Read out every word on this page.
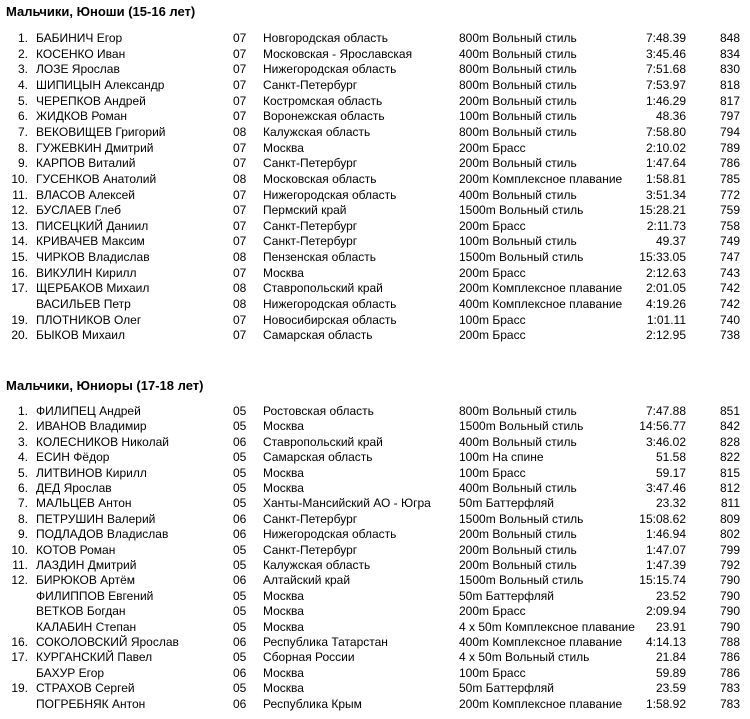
Мальчики, Юноши (15-16 лет)
1. БАБИНИЧ Егор	07 Новгородская область	800m Вольный стиль	7:48.39	848
2. КОСЕНКО Иван	07 Московская - Ярославская	400m Вольный стиль	3:45.46	834
3. ЛОЗЕ Ярослав	07 Нижегородская область	800m Вольный стиль	7:51.68	830
4. ШИПИЦЫН Александр	07 Санкт-Петербург	800m Вольный стиль	7:53.97	818
5. ЧЕРЕПКОВ Андрей	07 Костромская область	200m Вольный стиль	1:46.29	817
6. ЖИДКОВ Роман	07 Воронежская область	100m Вольный стиль	48.36	797
7. ВЕКОВИЩЕВ Григорий	08 Калужская область	800m Вольный стиль	7:58.80	794
8. ГУЖЕВКИН Дмитрий	07 Москва	200m Брасс	2:10.02	789
9. КАРПОВ Виталий	07 Санкт-Петербург	200m Вольный стиль	1:47.64	786
10. ГУСЕНКОВ Анатолий	08 Московская область	200m Комплексное плавание	1:58.81	785
11. ВЛАСОВ Алексей	07 Нижегородская область	400m Вольный стиль	3:51.34	772
12. БУСЛАЕВ Глеб	07 Пермский край	1500m Вольный стиль	15:28.21	759
13. ПИСЕЦКИЙ Даниил	07 Санкт-Петербург	200m Брасс	2:11.73	758
14. КРИВАЧЕВ Максим	07 Санкт-Петербург	100m Вольный стиль	49.37	749
15. ЧИРКОВ Владислав	08 Пензенская область	1500m Вольный стиль	15:33.05	747
16. ВИКУЛИН Кирилл	07 Москва	200m Брасс	2:12.63	743
17. ЩЕРБАКОВ Михаил	08 Ставропольский край	200m Комплексное плавание	2:01.05	742
ВАСИЛЬЕВ Петр	08 Нижегородская область	400m Комплексное плавание	4:19.26	742
19. ПЛОТНИКОВ Олег	07 Новосибирская область	100m Брасс	1:01.11	740
20. БЫКОВ Михаил	07 Самарская область	200m Брасс	2:12.95	738
Мальчики, Юниоры (17-18 лет)
1. ФИЛИПЕЦ Андрей	05 Ростовская область	800m Вольный стиль	7:47.88	851
2. ИВАНОВ Владимир	05 Москва	1500m Вольный стиль	14:56.77	842
3. КОЛЕСНИКОВ Николай	06 Ставропольский край	400m Вольный стиль	3:46.02	828
4. ЕСИН Фёдор	05 Самарская область	100m На спине	51.58	822
5. ЛИТВИНОВ Кирилл	05 Москва	100m Брасс	59.17	815
6. ДЕД Ярослав	05 Москва	400m Вольный стиль	3:47.46	812
7. МАЛЬЦЕВ Антон	05 Ханты-Мансийский АО - Югра 50m Баттерфляй	23.32	811
8. ПЕТРУШИН Валерий	06 Санкт-Петербург	1500m Вольный стиль	15:08.62	809
9. ПОДЛАДОВ Владислав	06 Нижегородская область	200m Вольный стиль	1:46.94	802
10. КОТОВ Роман	05 Санкт-Петербург	200m Вольный стиль	1:47.07	799
11. ЛАЗДИН Дмитрий	05 Калужская область	200m Вольный стиль	1:47.39	792
12. БИРЮКОВ Артём	06 Алтайский край	1500m Вольный стиль	15:15.74	790
ФИЛИППОВ Евгений	05 Москва	50m Баттерфляй	23.52	790
ВЕТКОВ Богдан	05 Москва	200m Брасс	2:09.94	790
КАЛАБИН Степан	05 Москва	4 x 50m Комплексное плавание	23.91	790
16. СОКОЛОВСКИЙ Ярослав	06 Республика Татарстан	400m Комплексное плавание	4:14.13	788
17. КУРГАНСКИЙ Павел	05 Сборная России	4 x 50m Вольный стиль	21.84	786
БАХУР Егор	06 Москва	100m Брасс	59.89	786
19. СТРАХОВ Сергей	05 Москва	50m Баттерфляй	23.59	783
ПОГРЕБНЯК Антон	06 Республика Крым	200m Комплексное плавание	1:58.92	783
